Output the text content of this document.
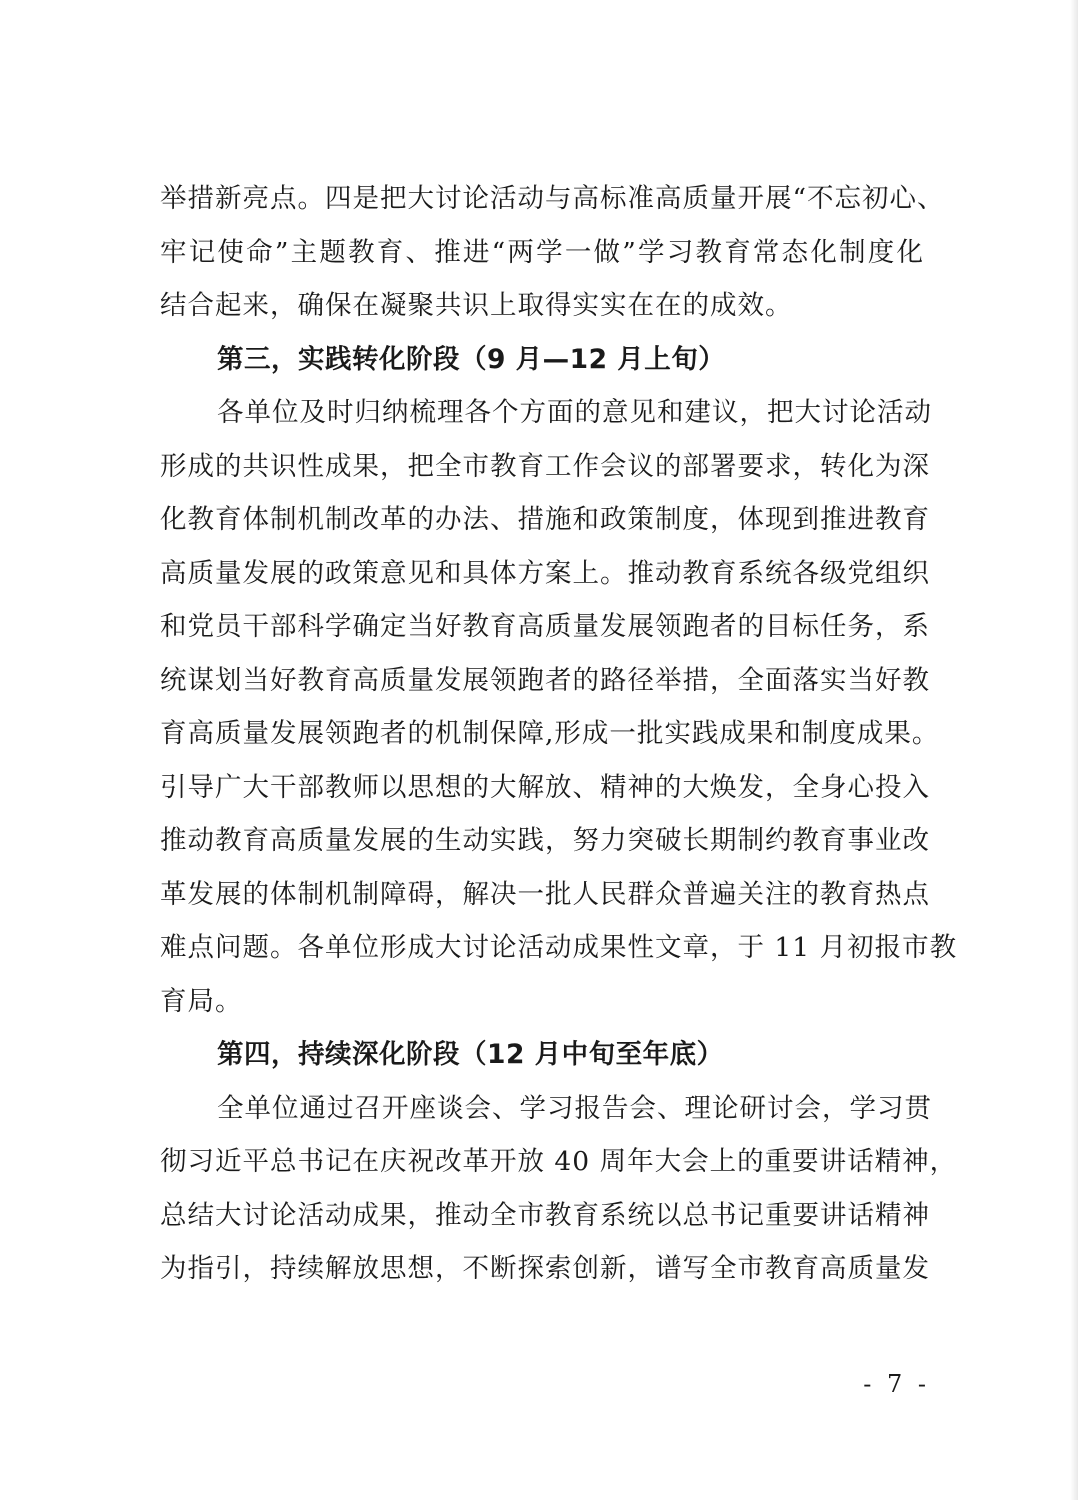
举措新亮点。四是把大讨论活动与高标准高质量开展“不忘初心、
牢记使命”主题教育、推进“两学一做”学习教育常态化制度化
结合起来，确保在凝聚共识上取得实实在在的成效。
第三，实践转化阶段（9 月—12 月上旬）
各单位及时归纳梳理各个方面的意见和建议，把大讨论活动
形成的共识性成果，把全市教育工作会议的部署要求，转化为深
化教育体制机制改革的办法、措施和政策制度，体现到推进教育
高质量发展的政策意见和具体方案上。推动教育系统各级党组织
和党员干部科学确定当好教育高质量发展领跑者的目标任务，系
统谋划当好教育高质量发展领跑者的路径举措，全面落实当好教
育高质量发展领跑者的机制保障,形成一批实践成果和制度成果。
引导广大干部教师以思想的大解放、精神的大焕发，全身心投入
推动教育高质量发展的生动实践，努力突破长期制约教育事业改
革发展的体制机制障碍，解决一批人民群众普遍关注的教育热点
难点问题。各单位形成大讨论活动成果性文章，于 11 月初报市教
育局。
第四，持续深化阶段（12 月中旬至年底）
全单位通过召开座谈会、学习报告会、理论研讨会，学习贯
彻习近平总书记在庆祝改革开放 40 周年大会上的重要讲话精神，
总结大讨论活动成果，推动全市教育系统以总书记重要讲话精神
为指引，持续解放思想，不断探索创新，谱写全市教育高质量发
- 7 -
